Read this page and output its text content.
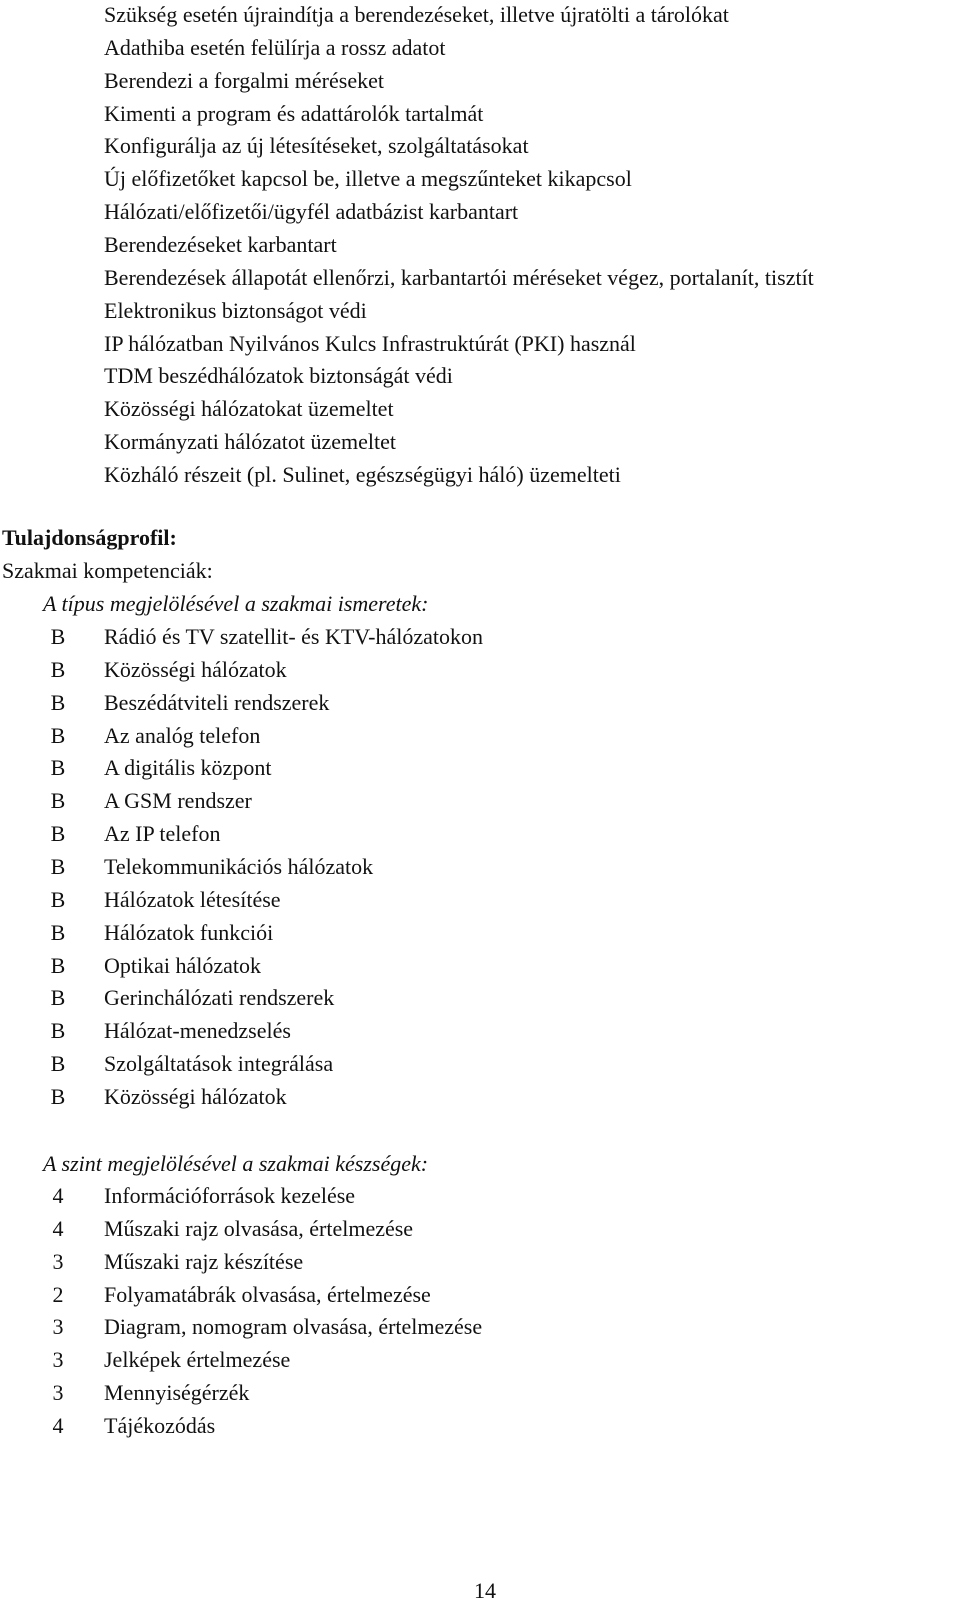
Szükség esetén újraindítja a berendezéseket, illetve újratölti a tárolókat
Adathiba esetén felülírja a rossz adatot
Berendezi a forgalmi méréseket
Kimenti a program és adattárolók tartalmát
Konfigurálja az új létesítéseket, szolgáltatásokat
Új előfizetőket kapcsol be, illetve a megszűnteket kikapcsol
Hálózati/előfizetői/ügyfél adatbázist karbantart
Berendezéseket karbantart
Berendezések állapotát ellenőrzi, karbantartói méréseket végez, portalanít, tisztít
Elektronikus biztonságot védi
IP hálózatban Nyilvános Kulcs Infrastruktúrát (PKI) használ
TDM beszédhálózatok biztonságát védi
Közösségi hálózatokat üzemeltet
Kormányzati hálózatot üzemeltet
Közháló részeit (pl. Sulinet, egészségügyi háló) üzemelteti
Tulajdonságprofil:
Szakmai kompetenciák:
A típus megjelölésével a szakmai ismeretek:
B Rádió és TV szatellit- és KTV-hálózatokon
B Közösségi hálózatok
B Beszédátviteli rendszerek
B Az analóg telefon
B A digitális központ
B A GSM rendszer
B Az IP telefon
B Telekommunikációs hálózatok
B Hálózatok létesítése
B Hálózatok funkciói
B Optikai hálózatok
B Gerinchálózati rendszerek
B Hálózat-menedzselés
B Szolgáltatások integrálása
B Közösségi hálózatok
A szint megjelölésével a szakmai készségek:
4 Információforrások kezelése
4 Műszaki rajz olvasása, értelmezése
3 Műszaki rajz készítése
2 Folyamatábrák olvasása, értelmezése
3 Diagram, nomogram olvasása, értelmezése
3 Jelképek értelmezése
3 Mennyiségérzék
4 Tájékozódás
14
